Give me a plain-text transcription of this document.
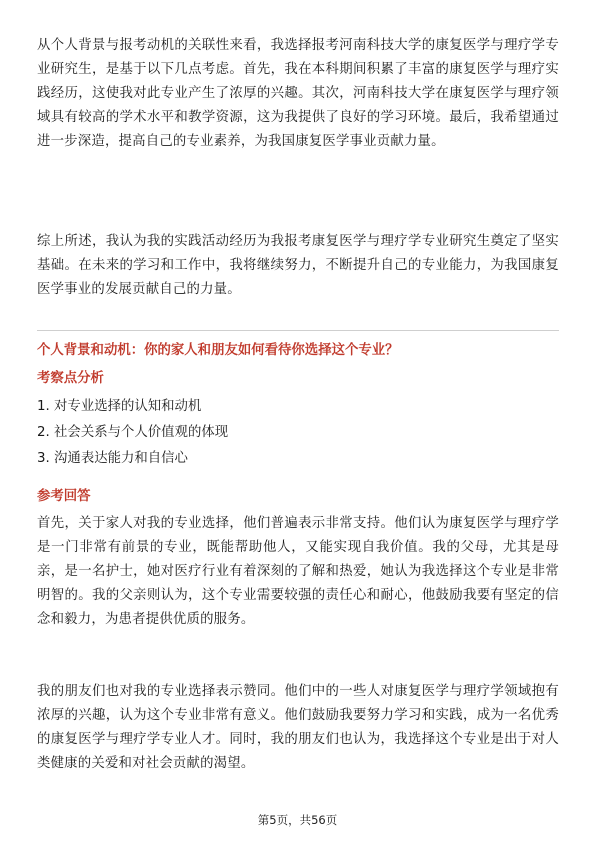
从个人背景与报考动机的关联性来看，我选择报考河南科技大学的康复医学与理疗学专业研究生，是基于以下几点考虑。首先，我在本科期间积累了丰富的康复医学与理疗实践经历，这使我对此专业产生了浓厚的兴趣。其次，河南科技大学在康复医学与理疗领域具有较高的学术水平和教学资源，这为我提供了良好的学习环境。最后，我希望通过进一步深造，提高自己的专业素养，为我国康复医学事业贡献力量。

综上所述，我认为我的实践活动经历为我报考康复医学与理疗学专业研究生奠定了坚实基础。在未来的学习和工作中，我将继续努力，不断提升自己的专业能力，为我国康复医学事业的发展贡献自己的力量。

个人背景和动机：你的家人和朋友如何看待你选择这个专业？

考察点分析

1. 对专业选择的认知和动机
2. 社会关系与个人价值观的体现
3. 沟通表达能力和自信心

参考回答

首先，关于家人对我的专业选择，他们普遍表示非常支持。他们认为康复医学与理疗学是一门非常有前景的专业，既能帮助他人，又能实现自我价值。我的父母，尤其是母亲，是一名护士，她对医疗行业有着深刻的了解和热爱，她认为我选择这个专业是非常明智的。我的父亲则认为，这个专业需要较强的责任心和耐心，他鼓励我要有坚定的信念和毅力，为患者提供优质的服务。

我的朋友们也对我的专业选择表示赞同。他们中的一些人对康复医学与理疗学领域抱有浓厚的兴趣，认为这个专业非常有意义。他们鼓励我要努力学习和实践，成为一名优秀的康复医学与理疗学专业人才。同时，我的朋友们也认为，我选择这个专业是出于对人类健康的关爱和对社会贡献的渴望。

第5页，共56页
